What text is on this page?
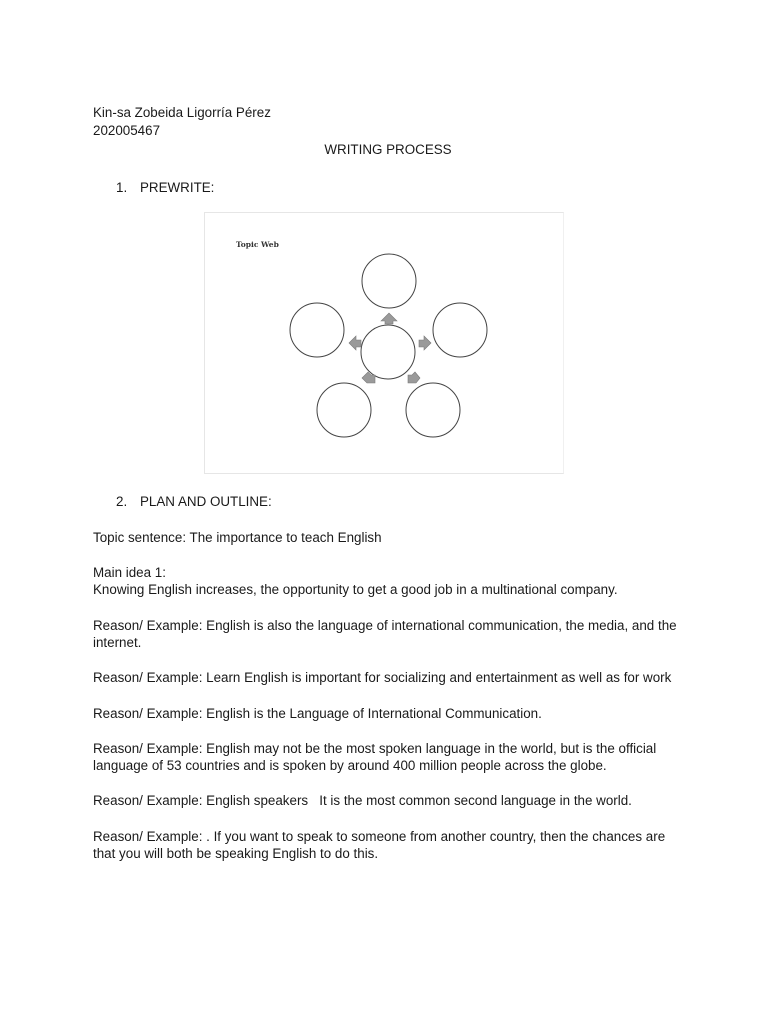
Kin-sa Zobeida Ligorría Pérez

202005467

WRITING PROCESS

1. PREWRITE:
Topic Web
2. PLAN AND OUTLINE:

Topic sentence: The importance to teach English

Main idea 1:

Knowing English increases, the opportunity to get a good job in a multinational company.

Reason/ Example: English is also the language of international communication, the media, and the internet.

Reason/ Example: Learn English is important for socializing and entertainment as well as for work

Reason/ Example: English is the Language of International Communication.

Reason/ Example: English may not be the most spoken language in the world, but is the official language of 53 countries and is spoken by around 400 million people across the globe.

Reason/ Example: English speakers   It is the most common second language in the world.

Reason/ Example: . If you want to speak to someone from another country, then the chances are that you will both be speaking English to do this.
